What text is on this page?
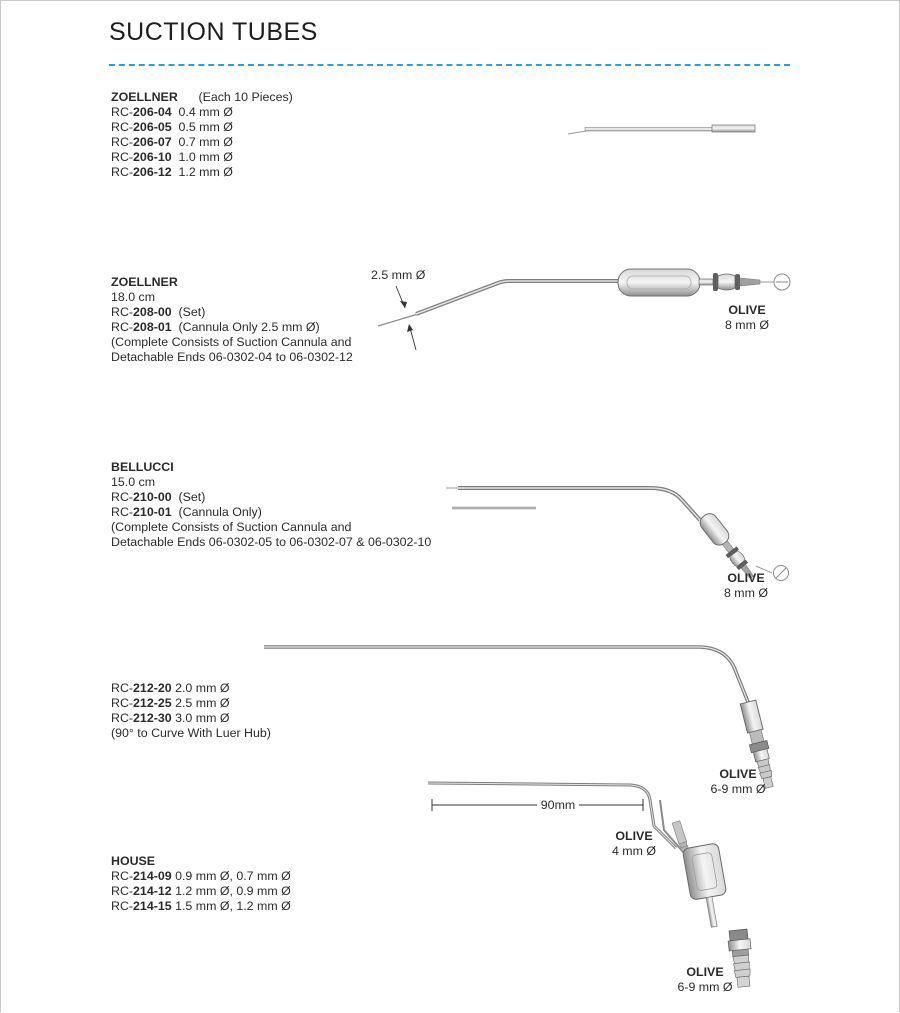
SUCTION TUBES
ZOELLNER (Each 10 Pieces)
RC-206-04 0.4 mm Ø
RC-206-05 0.5 mm Ø
RC-206-07 0.7 mm Ø
RC-206-10 1.0 mm Ø
RC-206-12 1.2 mm Ø
ZOELLNER
18.0 cm
RC-208-00 (Set)
RC-208-01 (Cannula Only 2.5 mm Ø)
(Complete Consists of Suction Cannula and
Detachable Ends 06-0302-04 to 06-0302-12
2.5 mm Ø
OLIVE
8 mm Ø
BELLUCCI
15.0 cm
RC-210-00 (Set)
RC-210-01 (Cannula Only)
(Complete Consists of Suction Cannula and
Detachable Ends 06-0302-05 to 06-0302-07 & 06-0302-10
OLIVE
8 mm Ø
RC-212-20 2.0 mm Ø
RC-212-25 2.5 mm Ø
RC-212-30 3.0 mm Ø
(90° to Curve With Luer Hub)
OLIVE
6-9 mm Ø
90mm
OLIVE
4 mm Ø
HOUSE
RC-214-09 0.9 mm Ø, 0.7 mm Ø
RC-214-12 1.2 mm Ø, 0.9 mm Ø
RC-214-15 1.5 mm Ø, 1.2 mm Ø
OLIVE
6-9 mm Ø
